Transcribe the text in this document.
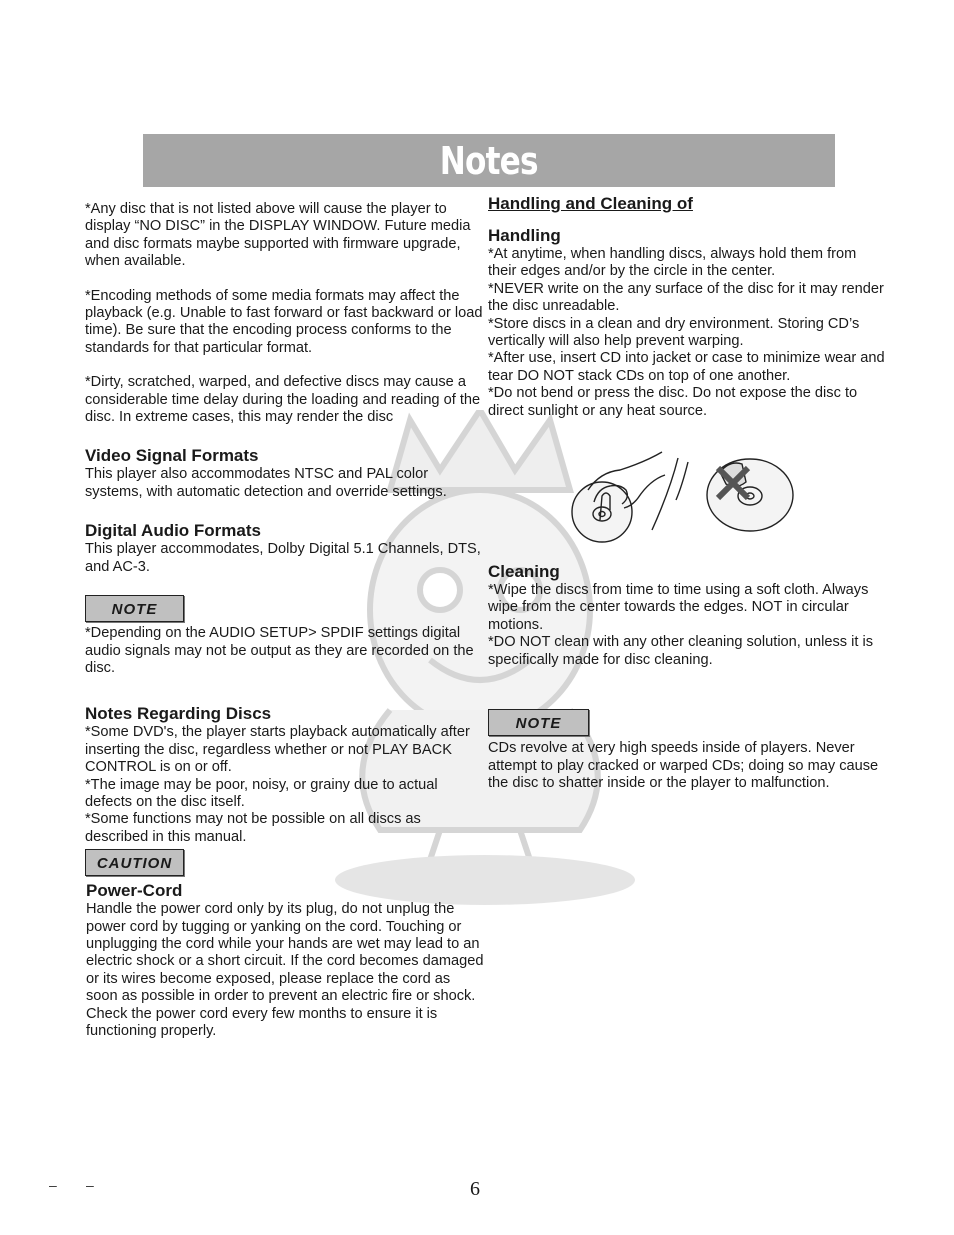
Notes

*Any disc that is not listed above will cause the player to display “NO DISC” in the DISPLAY WINDOW. Future media and disc formats maybe supported with firmware upgrade, when available.

*Encoding methods of some media formats may affect the playback (e.g. Unable to fast forward or fast backward or load time). Be sure that the encoding process conforms to the standards for that particular format.

*Dirty, scratched, warped, and defective discs may cause a considerable time delay during the loading and reading of the disc. In extreme cases, this may render the disc

Video Signal Formats

This player also accommodates NTSC and PAL color systems, with automatic detection and override settings.

Digital Audio Formats

This player accommodates, Dolby Digital 5.1 Channels, DTS, and AC-3.

NOTE

*Depending on the AUDIO SETUP> SPDIF settings digital audio signals may not be output as they are recorded on the disc.

Notes Regarding Discs

*Some DVD's, the player starts playback automatically after inserting the disc, regardless whether or not PLAY BACK CONTROL is on or off.

*The image may be poor, noisy, or grainy due to actual defects on the disc itself.

*Some functions may not be possible on all discs as described in this manual.

CAUTION
Power-Cord

Handle the power cord only by its plug, do not unplug the power cord by tugging or yanking on the cord. Touching or unplugging the cord while your hands are wet may lead to an electric shock or a short circuit. If the cord becomes damaged or its wires become exposed, please replace the cord as soon as possible in order to prevent an electric fire or shock. Check the power cord every few months to ensure it is functioning properly.

Handling and Cleaning of
Handling

*At anytime, when handling discs, always hold them from their edges and/or by the circle in the center.

*NEVER write on the any surface of the disc for it may render the disc unreadable.

*Store discs in a clean and dry environment. Storing CD’s vertically will also help prevent warping.

*After use, insert CD into jacket or case to minimize wear and tear DO NOT stack CDs on top of one another.

*Do not bend or press the disc. Do not expose the disc to direct sunlight or any heat source.

Cleaning

*Wipe the discs from time to time using a soft cloth. Always wipe from the center towards the edges. NOT in circular motions.

*DO NOT clean with any other cleaning solution, unless it is specifically made for disc cleaning.

NOTE

CDs revolve at very high speeds inside of players. Never attempt to play cracked or warped CDs; doing so may cause the disc to shatter inside or the player to malfunction.

– –	6
